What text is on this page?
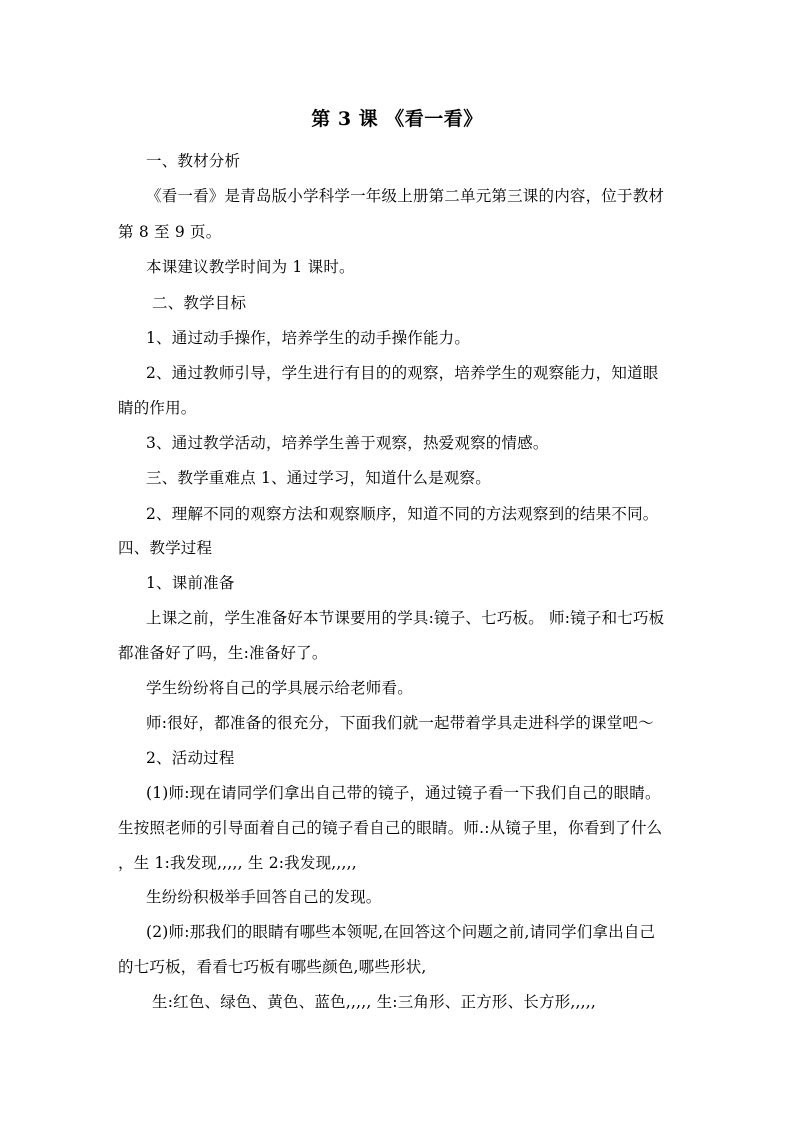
第 3 课 《看一看》
一、教材分析
《看一看》是青岛版小学科学一年级上册第二单元第三课的内容，位于教材
第 8 至 9 页。
本课建议教学时间为 1 课时。
二、教学目标
1、通过动手操作，培养学生的动手操作能力。
2、通过教师引导，学生进行有目的的观察，培养学生的观察能力，知道眼
睛的作用。
3、通过教学活动，培养学生善于观察，热爱观察的情感。
三、教学重难点 1、通过学习，知道什么是观察。
2、理解不同的观察方法和观察顺序，知道不同的方法观察到的结果不同。
四、教学过程
1、课前准备
上课之前，学生准备好本节课要用的学具:镜子、七巧板。 师:镜子和七巧板
都准备好了吗，生:准备好了。
学生纷纷将自己的学具展示给老师看。
师:很好，都准备的很充分，下面我们就一起带着学具走进科学的课堂吧～
2、活动过程
(1)师:现在请同学们拿出自己带的镜子，通过镜子看一下我们自己的眼睛。
生按照老师的引导面着自己的镜子看自己的眼睛。师.:从镜子里，你看到了什么
，生 1:我发现,,,,, 生 2:我发现,,,,,
生纷纷积极举手回答自己的发现。
(2)师:那我们的眼睛有哪些本领呢,在回答这个问题之前,请同学们拿出自己
的七巧板，看看七巧板有哪些颜色,哪些形状,
生:红色、绿色、黄色、蓝色,,,,, 生:三角形、正方形、长方形,,,,,
